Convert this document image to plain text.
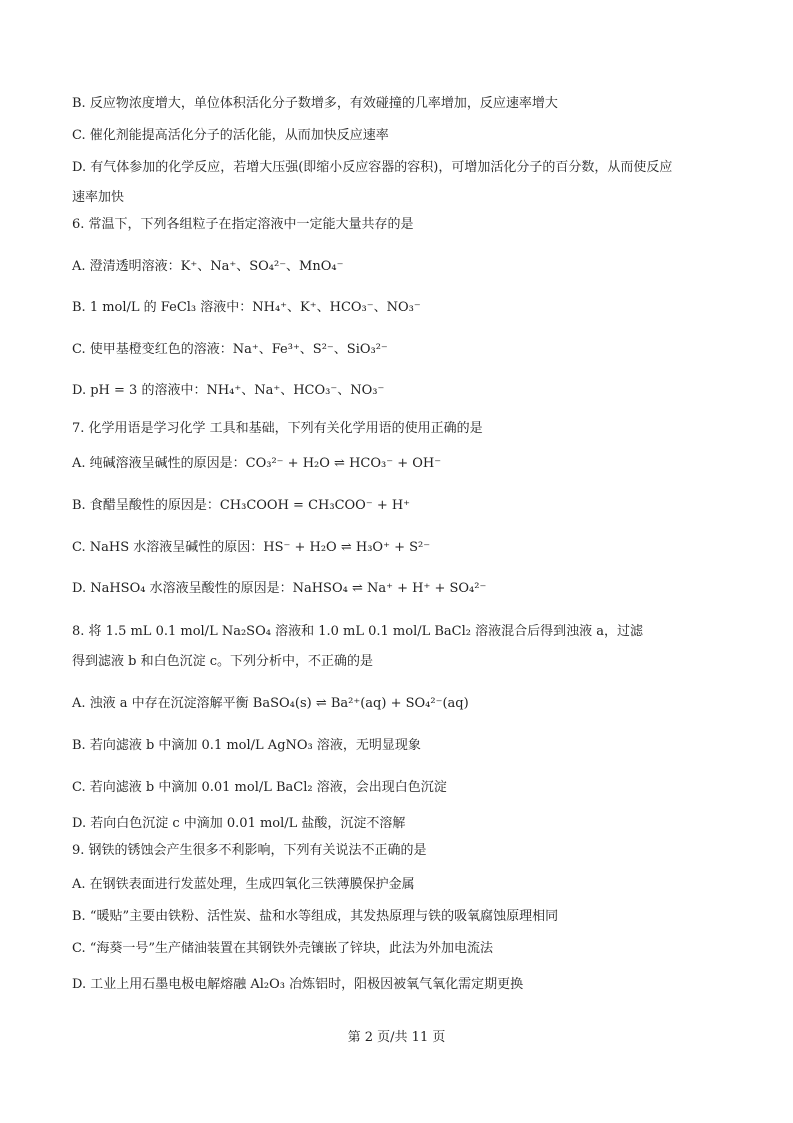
B. 反应物浓度增大，单位体积活化分子数增多，有效碰撞的几率增加，反应速率增大
C. 催化剂能提高活化分子的活化能，从而加快反应速率
D. 有气体参加的化学反应，若增大压强(即缩小反应容器的容积)，可增加活化分子的百分数，从而使反应
速率加快
6. 常温下，下列各组粒子在指定溶液中一定能大量共存的是
A. 澄清透明溶液：K⁺、Na⁺、SO₄²⁻、MnO₄⁻
B. 1 mol/L 的 FeCl₃ 溶液中：NH₄⁺、K⁺、HCO₃⁻、NO₃⁻
C. 使甲基橙变红色的溶液：Na⁺、Fe³⁺、S²⁻、SiO₃²⁻
D. pH = 3 的溶液中：NH₄⁺、Na⁺、HCO₃⁻、NO₃⁻
7. 化学用语是学习化学 工具和基础，下列有关化学用语的使用正确的是
A. 纯碱溶液呈碱性的原因是：CO₃²⁻ + H₂O ⇌ HCO₃⁻ + OH⁻
B. 食醋呈酸性的原因是：CH₃COOH = CH₃COO⁻ + H⁺
C. NaHS 水溶液呈碱性的原因：HS⁻ + H₂O ⇌ H₃O⁺ + S²⁻
D. NaHSO₄ 水溶液呈酸性的原因是：NaHSO₄ ⇌ Na⁺ + H⁺ + SO₄²⁻
8. 将 1.5 mL 0.1 mol/L Na₂SO₄ 溶液和 1.0 mL 0.1 mol/L BaCl₂ 溶液混合后得到浊液 a，过滤
得到滤液 b 和白色沉淀 c。下列分析中，不正确的是
A. 浊液 a 中存在沉淀溶解平衡 BaSO₄(s) ⇌ Ba²⁺(aq) + SO₄²⁻(aq)
B. 若向滤液 b 中滴加 0.1 mol/L AgNO₃ 溶液，无明显现象
C. 若向滤液 b 中滴加 0.01 mol/L BaCl₂ 溶液，会出现白色沉淀
D. 若向白色沉淀 c 中滴加 0.01 mol/L 盐酸，沉淀不溶解
9. 钢铁的锈蚀会产生很多不利影响，下列有关说法不正确的是
A. 在钢铁表面进行发蓝处理，生成四氧化三铁薄膜保护金属
B. “暖贴”主要由铁粉、活性炭、盐和水等组成，其发热原理与铁的吸氧腐蚀原理相同
C. “海葵一号”生产储油装置在其钢铁外壳镶嵌了锌块，此法为外加电流法
D. 工业上用石墨电极电解熔融 Al₂O₃ 冶炼铝时，阳极因被氧气氧化需定期更换
第 2 页/共 11 页
